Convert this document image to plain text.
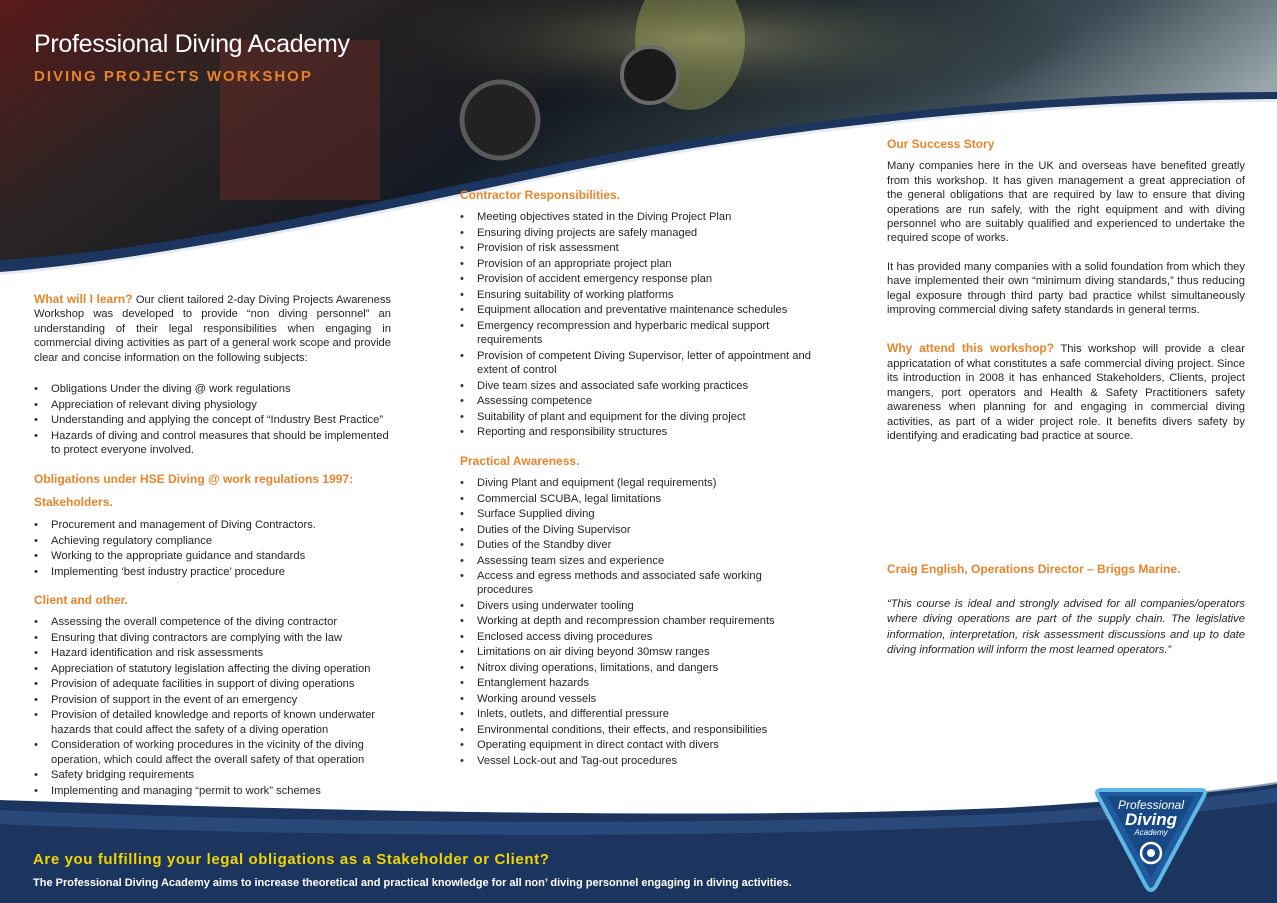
Professional Diving Academy
DIVING PROJECTS WORKSHOP

What will I learn? Our client tailored 2-day Diving Projects Awareness Workshop was developed to provide “non diving personnel” an understanding of their legal responsibilities when engaging in commercial diving activities as part of a general work scope and provide clear and concise information on the following subjects:

• Obligations Under the diving @ work regulations
• Appreciation of relevant diving physiology
• Understanding and applying the concept of “Industry Best Practice”
• Hazards of diving and control measures that should be implemented to protect everyone involved.
Obligations under HSE Diving @ work regulations 1997:
Stakeholders.
• Procurement and management of Diving Contractors.
• Achieving regulatory compliance
• Working to the appropriate guidance and standards
• Implementing ‘best industry practice’ procedure
Client and other.
• Assessing the overall competence of the diving contractor
• Ensuring that diving contractors are complying with the law
• Hazard identification and risk assessments
• Appreciation of statutory legislation affecting the diving operation
• Provision of adequate facilities in support of diving operations
• Provision of support in the event of an emergency
• Provision of detailed knowledge and reports of known underwater hazards that could affect the safety of a diving operation
• Consideration of working procedures in the vicinity of the diving operation, which could affect the overall safety of that operation
• Safety bridging requirements
• Implementing and managing “permit to work” schemes
Contractor Responsibilities.
• Meeting objectives stated in the Diving Project Plan
• Ensuring diving projects are safely managed
• Provision of risk assessment
• Provision of an appropriate project plan
• Provision of accident emergency response plan
• Ensuring suitability of working platforms
• Equipment allocation and preventative maintenance schedules
• Emergency recompression and hyperbaric medical support requirements
• Provision of competent Diving Supervisor, letter of appointment and extent of control
• Dive team sizes and associated safe working practices
• Assessing competence
• Suitability of plant and equipment for the diving project
• Reporting and responsibility structures
Practical Awareness.
• Diving Plant and equipment (legal requirements)
• Commercial SCUBA, legal limitations
• Surface Supplied diving
• Duties of the Diving Supervisor
• Duties of the Standby diver
• Assessing team sizes and experience
• Access and egress methods and associated safe working procedures
• Divers using underwater tooling
• Working at depth and recompression chamber requirements
• Enclosed access diving procedures
• Limitations on air diving beyond 30msw ranges
• Nitrox diving operations, limitations, and dangers
• Entanglement hazards
• Working around vessels
• Inlets, outlets, and differential pressure
• Environmental conditions, their effects, and responsibilities
• Operating equipment in direct contact with divers
• Vessel Lock-out and Tag-out procedures
Our Success Story

Many companies here in the UK and overseas have benefited greatly from this workshop. It has given management a great appreciation of the general obligations that are required by law to ensure that diving operations are run safely, with the right equipment and with diving personnel who are suitably qualified and experienced to undertake the required scope of works.

It has provided many companies with a solid foundation from which they have implemented their own “minimum diving standards,” thus reducing legal exposure through third party bad practice whilst simultaneously improving commercial diving safety standards in general terms.

Why attend this workshop? This workshop will provide a clear appricatation of what constitutes a safe commercial diving project. Since its introduction in 2008 it has enhanced Stakeholders, Clients, project mangers, port operators and Health & Safety Practitioners safety awareness when planning for and engaging in commercial diving activities, as part of a wider project role. It benefits divers safety by identifying and eradicating bad practice at source.

Craig English, Operations Director – Briggs Marine.

“This course is ideal and strongly advised for all companies/operators where diving operations are part of the supply chain. The legislative information, interpretation, risk assessment discussions and up to date diving information will inform the most learned operators.”

Are you fulfilling your legal obligations as a Stakeholder or Client?
The Professional Diving Academy aims to increase theoretical and practical knowledge for all non’ diving personnel engaging in diving activities.
Professional
Diving
Academy
